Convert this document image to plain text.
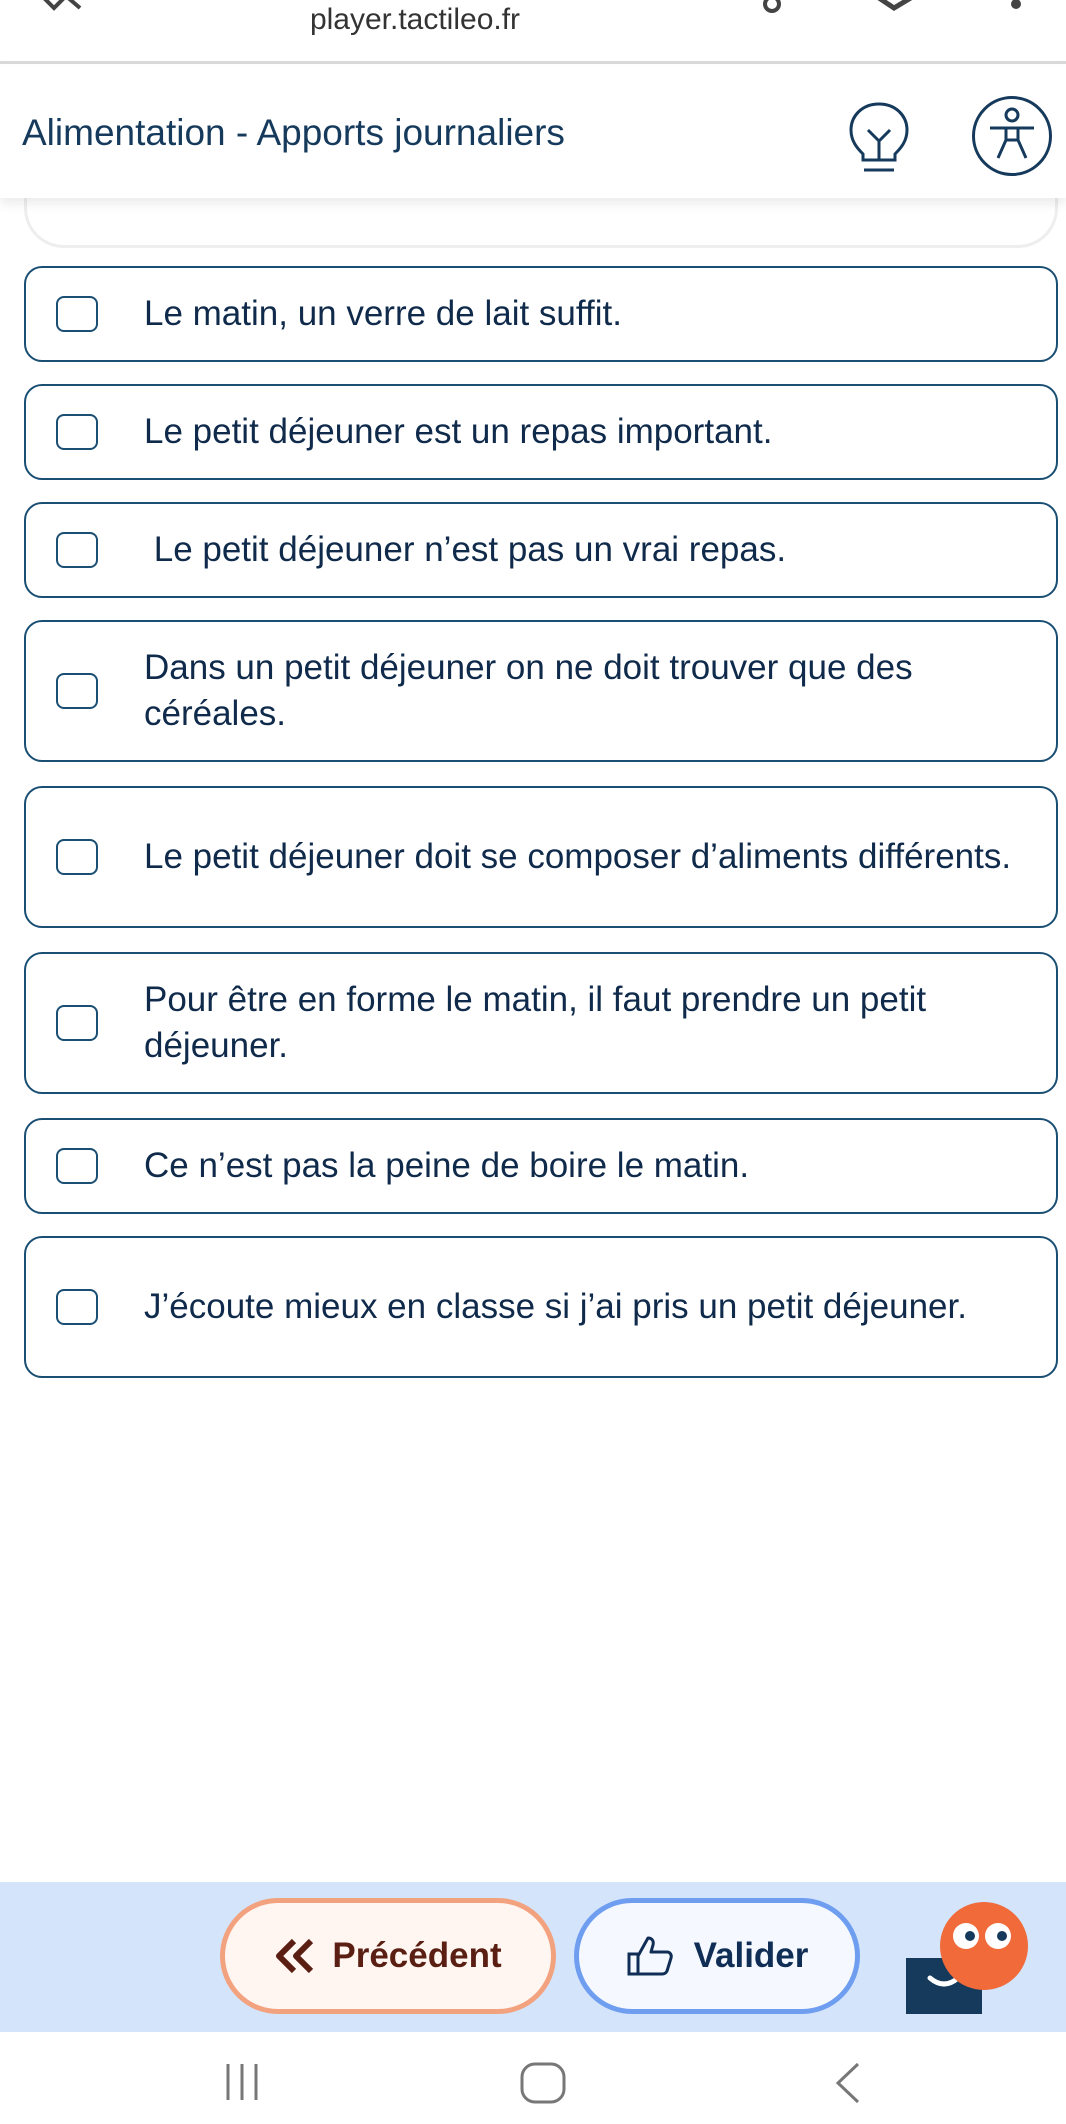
player.tactileo.fr
Alimentation - Apports journaliers
Le matin, un verre de lait suffit.
Le petit déjeuner est un repas important.
Le petit déjeuner n’est pas un vrai repas.
Dans un petit déjeuner on ne doit trouver que des céréales.
Le petit déjeuner doit se composer d’aliments différents.
Pour être en forme le matin, il faut prendre un petit déjeuner.
Ce n’est pas la peine de boire le matin.
J’écoute mieux en classe si j’ai pris un petit déjeuner.
Précédent	Valider
